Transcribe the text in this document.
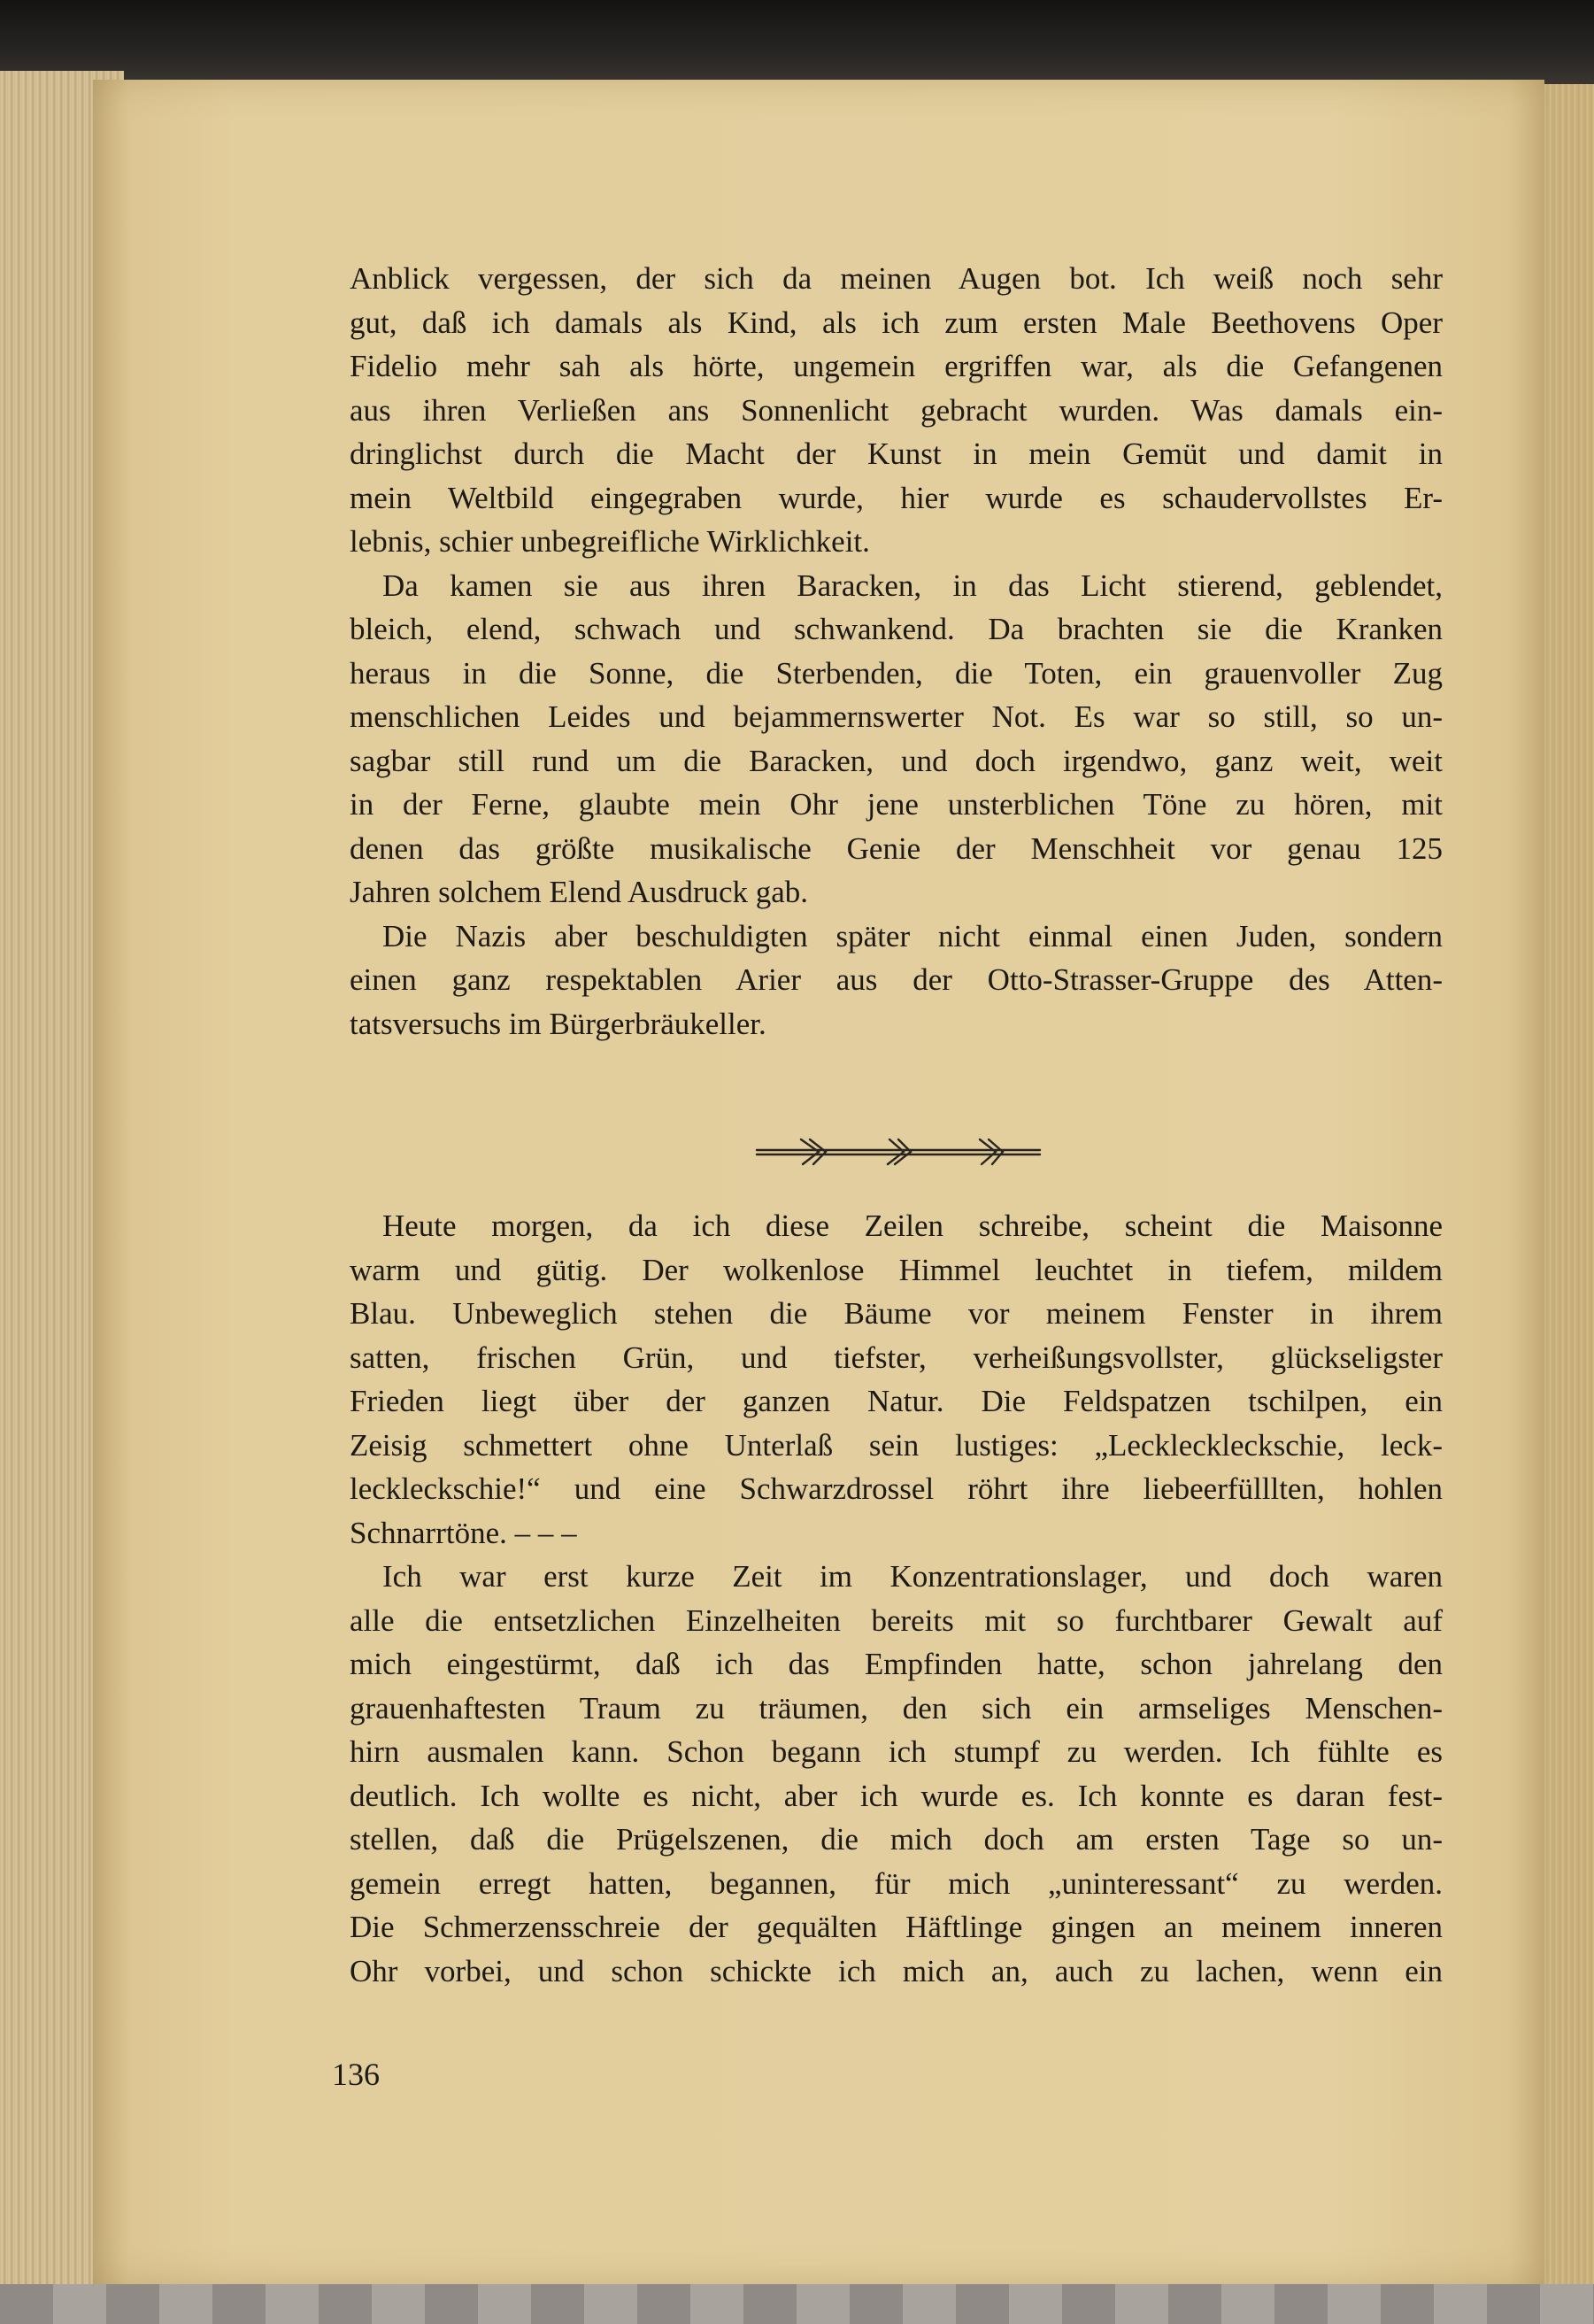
Anblick vergessen, der sich da meinen Augen bot. Ich weiß noch sehr
gut, daß ich damals als Kind, als ich zum ersten Male Beethovens Oper
Fidelio mehr sah als hörte, ungemein ergriffen war, als die Gefangenen
aus ihren Verließen ans Sonnenlicht gebracht wurden. Was damals ein-
dringlichst durch die Macht der Kunst in mein Gemüt und damit in
mein Weltbild eingegraben wurde, hier wurde es schaudervollstes Er-
lebnis, schier unbegreifliche Wirklichkeit.
Da kamen sie aus ihren Baracken, in das Licht stierend, geblendet,
bleich, elend, schwach und schwankend. Da brachten sie die Kranken
heraus in die Sonne, die Sterbenden, die Toten, ein grauenvoller Zug
menschlichen Leides und bejammernswerter Not. Es war so still, so un-
sagbar still rund um die Baracken, und doch irgendwo, ganz weit, weit
in der Ferne, glaubte mein Ohr jene unsterblichen Töne zu hören, mit
denen das größte musikalische Genie der Menschheit vor genau 125
Jahren solchem Elend Ausdruck gab.
Die Nazis aber beschuldigten später nicht einmal einen Juden, sondern
einen ganz respektablen Arier aus der Otto-Strasser-Gruppe des Atten-
tatsversuchs im Bürgerbräukeller.
Heute morgen, da ich diese Zeilen schreibe, scheint die Maisonne
warm und gütig. Der wolkenlose Himmel leuchtet in tiefem, mildem
Blau. Unbeweglich stehen die Bäume vor meinem Fenster in ihrem
satten, frischen Grün, und tiefster, verheißungsvollster, glückseligster
Frieden liegt über der ganzen Natur. Die Feldspatzen tschilpen, ein
Zeisig schmettert ohne Unterlaß sein lustiges: „Leckleckleckschie, leck-
leckleckschie!“ und eine Schwarzdrossel röhrt ihre liebeerfülllten, hohlen
Schnarrtöne. – – –
Ich war erst kurze Zeit im Konzentrationslager, und doch waren
alle die entsetzlichen Einzelheiten bereits mit so furchtbarer Gewalt auf
mich eingestürmt, daß ich das Empfinden hatte, schon jahrelang den
grauenhaftesten Traum zu träumen, den sich ein armseliges Menschen-
hirn ausmalen kann. Schon begann ich stumpf zu werden. Ich fühlte es
deutlich. Ich wollte es nicht, aber ich wurde es. Ich konnte es daran fest-
stellen, daß die Prügelszenen, die mich doch am ersten Tage so un-
gemein erregt hatten, begannen, für mich „uninteressant“ zu werden.
Die Schmerzensschreie der gequälten Häftlinge gingen an meinem inneren
Ohr vorbei, und schon schickte ich mich an, auch zu lachen, wenn ein
136
